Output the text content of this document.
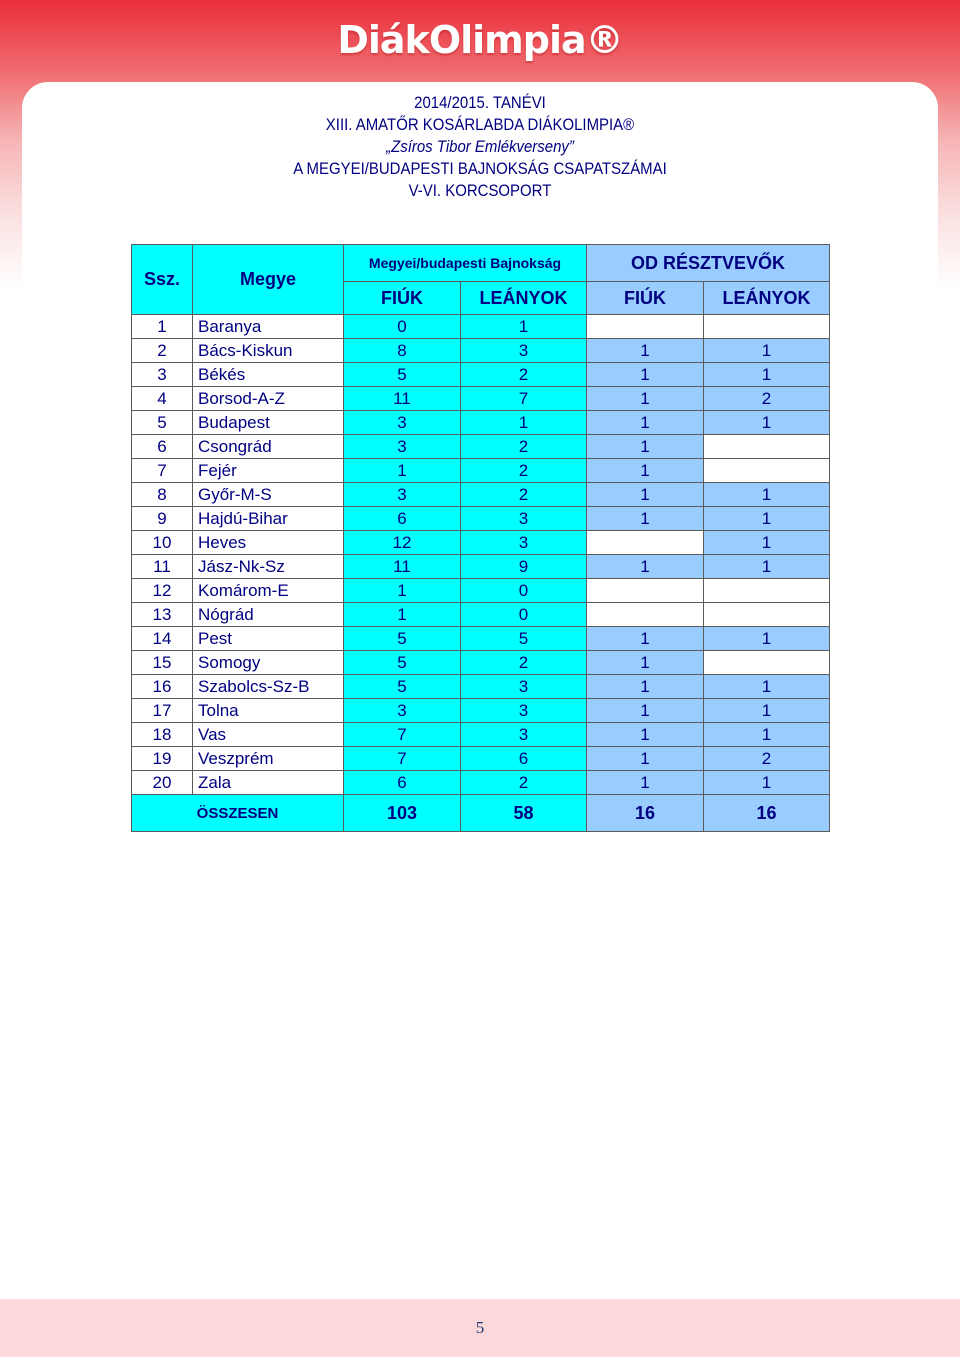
DiákOlimpia®
2014/2015. TANÉVI
XIII. AMATŐR KOSÁRLABDA DIÁKOLIMPIA®
„Zsíros Tibor Emlékverseny”
A MEGYEI/BUDAPESTI BAJNOKSÁG CSAPATSZÁMAI
V-VI. KORCSOPORT
Ssz.	Megye	Megyei/budapesti Bajnokság		OD RÉSZTVEVŐK	
		FIÚK	LEÁNYOK	FIÚK	LEÁNYOK
1	Baranya	0	1		
2	Bács-Kiskun	8	3	1	1
3	Békés	5	2	1	1
4	Borsod-A-Z	11	7	1	2
5	Budapest	3	1	1	1
6	Csongrád	3	2	1	
7	Fejér	1	2	1	
8	Győr-M-S	3	2	1	1
9	Hajdú-Bihar	6	3	1	1
10	Heves	12	3		1
11	Jász-Nk-Sz	11	9	1	1
12	Komárom-E	1	0		
13	Nógrád	1	0		
14	Pest	5	5	1	1
15	Somogy	5	2	1	
16	Szabolcs-Sz-B	5	3	1	1
17	Tolna	3	3	1	1
18	Vas	7	3	1	1
19	Veszprém	7	6	1	2
20	Zala	6	2	1	1
ÖSSZESEN		103	58	16	16
5
